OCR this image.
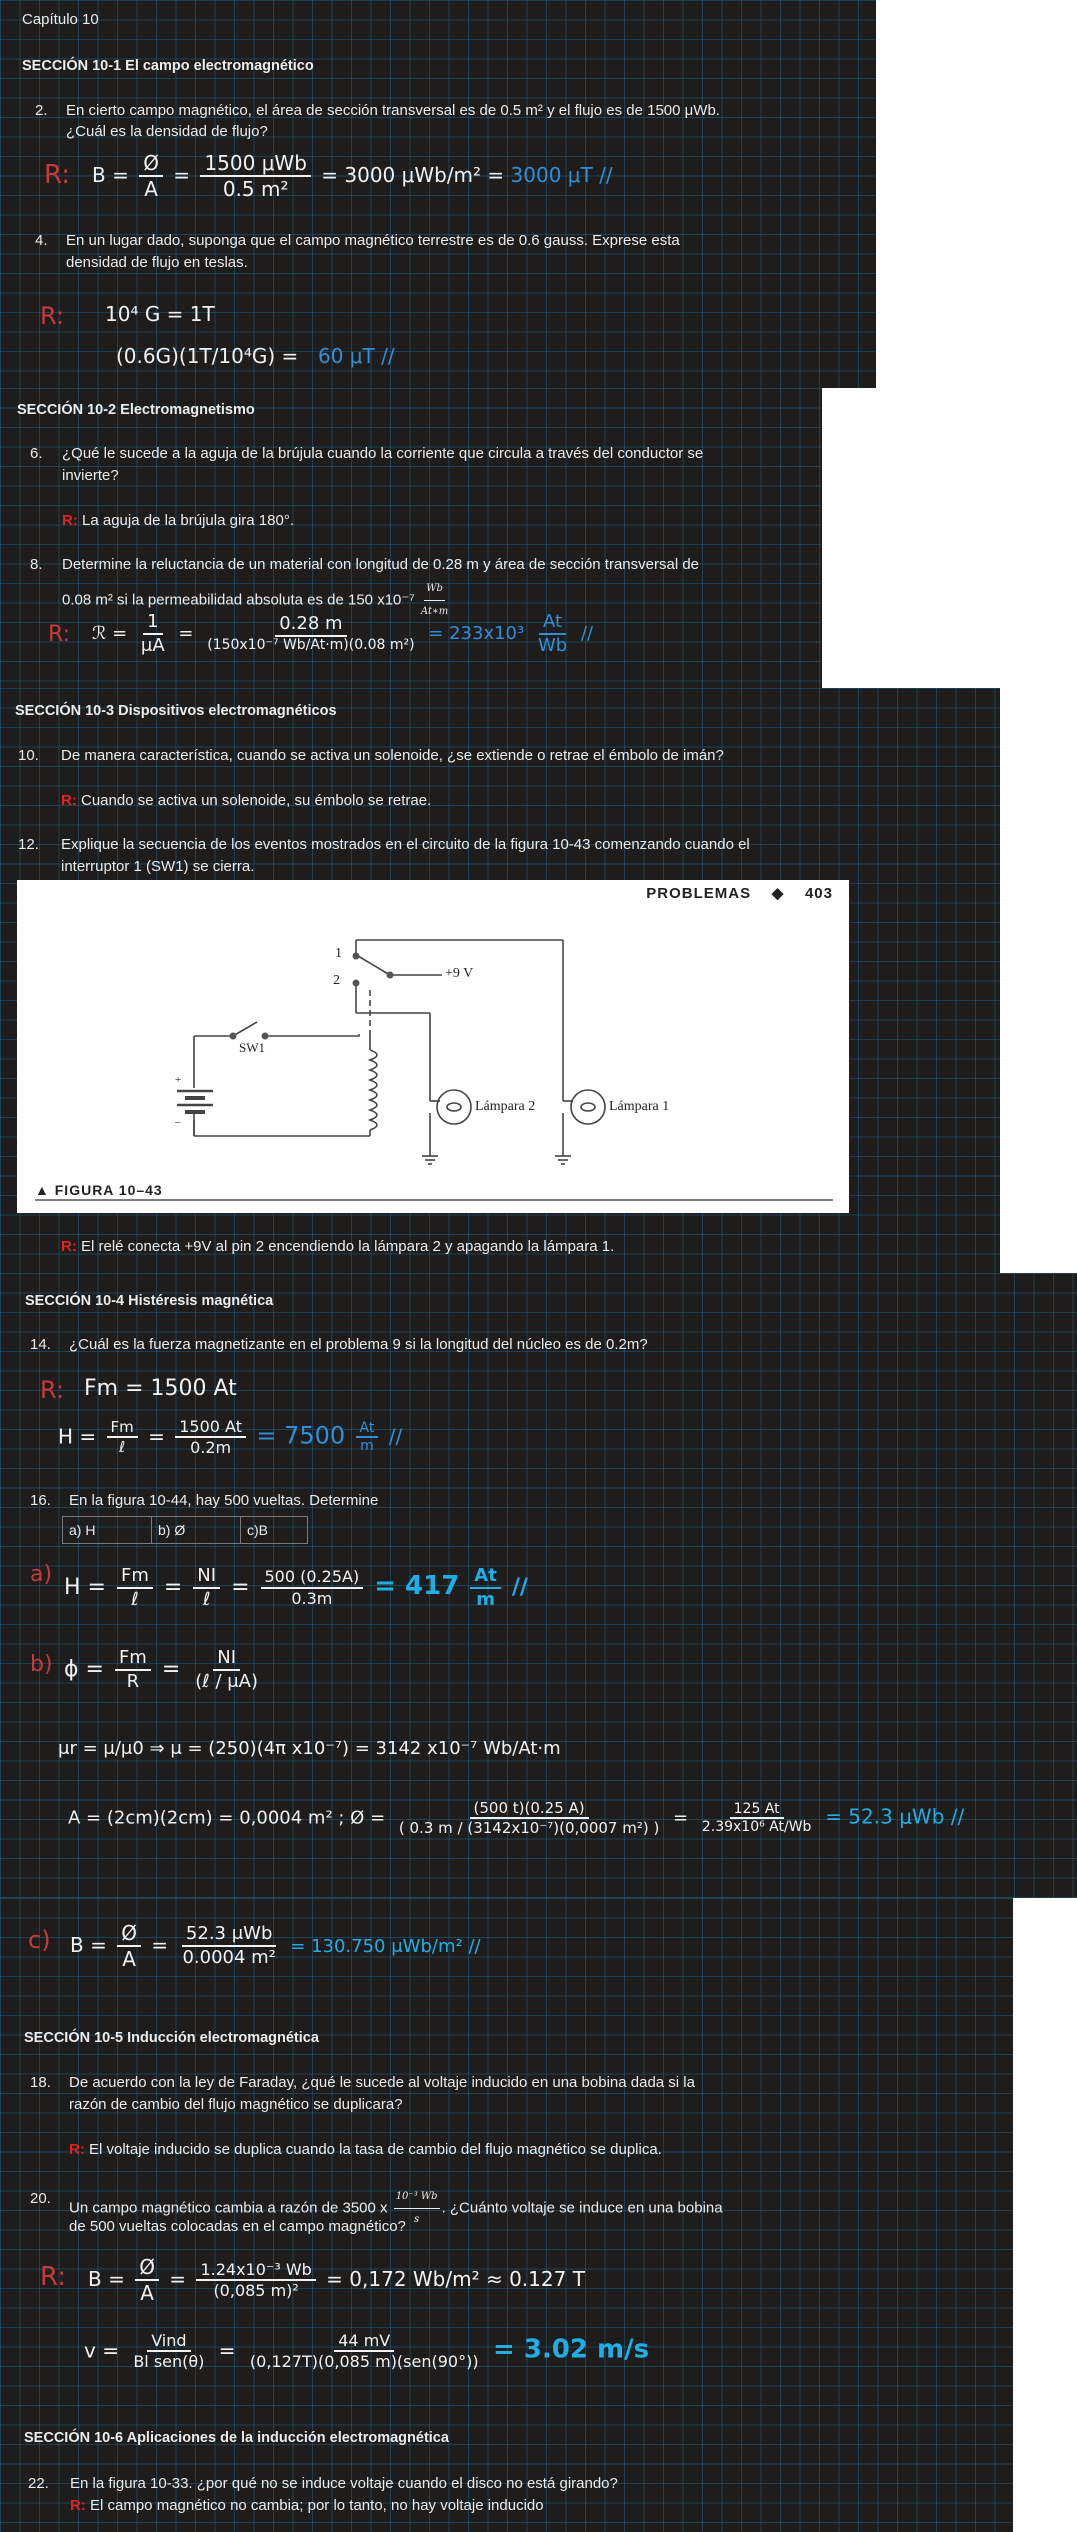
Capítulo 10
SECCIÓN 10-1 El campo electromagnético
2. En cierto campo magnético, el área de sección transversal es de 0.5 m² y el flujo es de 1500 μWb.
¿Cuál es la densidad de flujo?
R: $B = \frac{Ø}{A} = \frac{\text{1500 μWb}}{\text{0.5 m²}} = 3000$ μWb/m² = 3000 μT //
4. En un lugar dado, suponga que el campo magnético terrestre es de 0.6 gauss. Exprese esta
densidad de flujo en teslas.
R: 10⁴ G = 1T
(0.6G)(1T/10⁴G) = 60 μT //
SECCIÓN 10-2 Electromagnetismo
6. ¿Qué le sucede a la aguja de la brújula cuando la corriente que circula a través del conductor se
invierte?
R: La aguja de la brújula gira 180°.
8. Determine la reluctancia de un material con longitud de 0.28 m y área de sección transversal de
0.08 m² si la permeabilidad absoluta es de 150 $x10^{-7} \frac{Wb}{At∗m}$
R: ℛ = $\frac{1}{\mu A} = \frac{0.28 m}{\text{(150x10⁻⁷ Wb/At·m)(0.08 m²)}} = 233x10^3 \frac{At}{Wb}$ //
SECCIÓN 10-3 Dispositivos electromagnéticos
10. De manera característica, cuando se activa un solenoide, ¿se extiende o retrae el émbolo de imán?
R: Cuando se activa un solenoide, su émbolo se retrae.
12. Explique la secuencia de los eventos mostrados en el circuito de la figura 10-43 comenzando cuando el
interruptor 1 (SW1) se cierra.
PROBLEMAS ◆ 403
1
2	+9 V
SW1
+
–
Lámpara 2	Lámpara 1
▲ FIGURA 10–43
R: El relé conecta +9V al pin 2 encendiendo la lámpara 2 y apagando la lámpara 1.
SECCIÓN 10-4 Histéresis magnética
14. ¿Cuál es la fuerza magnetizante en el problema 9 si la longitud del núcleo es de 0.2m?
R: Fm = 1500 At
$H = \frac{Fm}{\text{ℓ}} = \frac{1500 At}{0.2m} = 7500 \frac{At}{m}$ //
16. En la figura 10-44, hay 500 vueltas. Determine
a) H	b) Ø	c)B
a)
$H = \frac{Fm}{\text{ℓ}} = \frac{NI}{\text{ℓ}} = \frac{500 (0.25A)}{0.3m} = 417 \frac{At}{m}$ //
b) $\phi = \frac{Fm}{R} = \frac{NI}{\text{(ℓ / μA)}}$
μr = μ/μ0 ⇒ μ = (250)(4π x10⁻⁷) = 3142 x10⁻⁷ Wb/At·m
A = (2cm)(2cm) = 0,0004 m² ; Ø = $\frac{(500 t)(0.25 A)}{\text{( 0.3 m / (3142x10⁻⁷)(0,0007 m²) )}} = \frac{125 At}{\text{2.39x10⁶ At/Wb}} = 52.3$ μWb //
c) $B = \frac{Ø}{A} = \frac{\text{52.3 μWb}}{\text{0.0004 m²}} = 130.750$ μWb/m² //
SECCIÓN 10-5 Inducción electromagnética
18. De acuerdo con la ley de Faraday, ¿qué le sucede al voltaje inducido en una bobina dada si la
razón de cambio del flujo magnético se duplicara?
R: El voltaje inducido se duplica cuando la tasa de cambio del flujo magnético se duplica.
20.
Un campo magnético cambia a razón de 3500 x $\frac{\text{10⁻³ Wb}}{s}$ . ¿Cuánto voltaje se induce en una bobina
de 500 vueltas colocadas en el campo magnético?
R: $B = \frac{Ø}{A} = \frac{\text{1.24x10⁻³ Wb}}{\text{(0,085 m)²}} = 0,172$ Wb/m² ≈ 0.127 T
$v = \frac{\text{Vind}}{\text{Bl sen(θ)}} = \frac{44 mV}{\text{(0,127T)(0,085 m)(sen(90°))}} = 3.02$ m/s
SECCIÓN 10-6 Aplicaciones de la inducción electromagnética
22. En la figura 10-33. ¿por qué no se induce voltaje cuando el disco no está girando?
R: El campo magnético no cambia; por lo tanto, no hay voltaje inducido
